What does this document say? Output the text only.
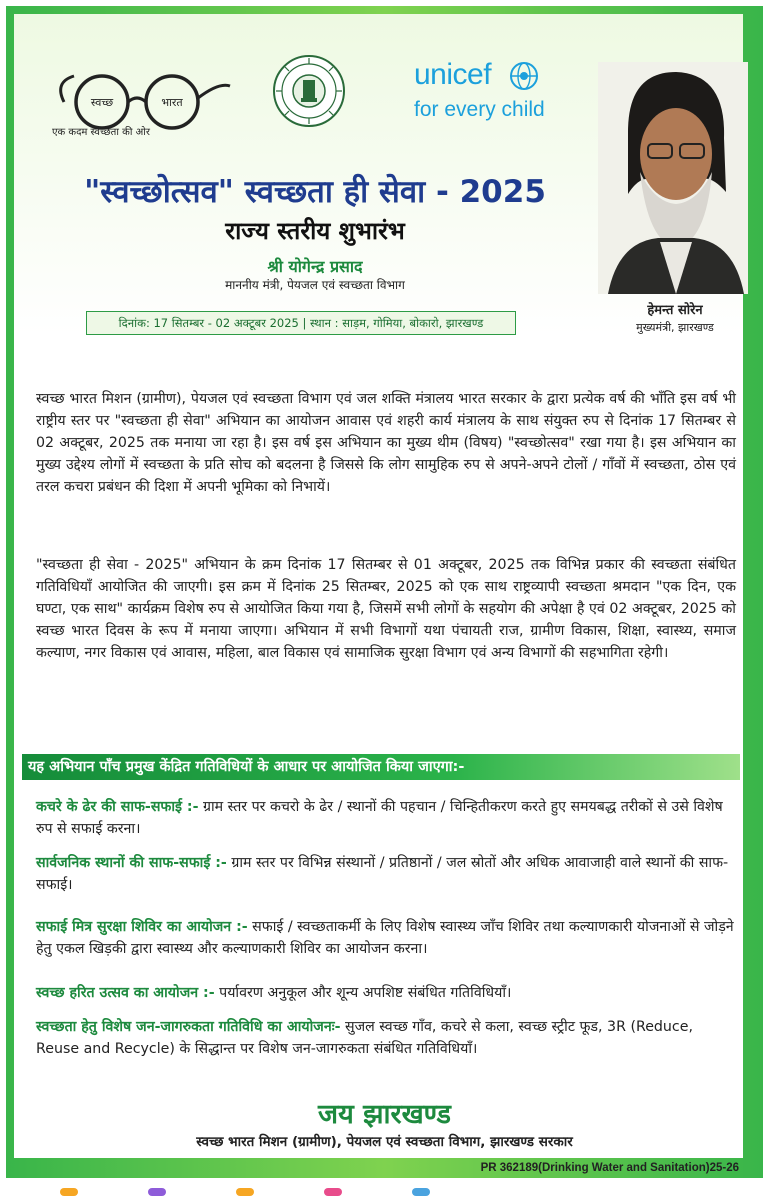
स्वच्छ	भारत
एक कदम स्वच्छता की ओर
unicef
for every child
हेमन्त सोरेन
मुख्यमंत्री, झारखण्ड
"स्वच्छोत्सव" स्वच्छता ही सेवा - 2025
राज्य स्तरीय शुभारंभ
श्री योगेन्द्र प्रसाद
माननीय मंत्री, पेयजल एवं स्वच्छता विभाग
दिनांक: 17 सितम्बर - 02 अक्टूबर 2025 | स्थान : साड़म, गोमिया, बोकारो, झारखण्ड
स्वच्छ भारत मिशन (ग्रामीण), पेयजल एवं स्वच्छता विभाग एवं जल शक्ति मंत्रालय भारत सरकार के द्वारा प्रत्येक वर्ष की भाँति इस वर्ष भी राष्ट्रीय स्तर पर "स्वच्छता ही सेवा" अभियान का आयोजन आवास एवं शहरी कार्य मंत्रालय के साथ संयुक्त रुप से दिनांक 17 सितम्बर से 02 अक्टूबर, 2025 तक मनाया जा रहा है। इस वर्ष इस अभियान का मुख्य थीम (विषय) "स्वच्छोत्सव" रखा गया है। इस अभियान का मुख्य उद्देश्य लोगों में स्वच्छता के प्रति सोच को बदलना है जिससे कि लोग सामुहिक रुप से अपने-अपने टोलों / गाँवों में स्वच्छता, ठोस एवं तरल कचरा प्रबंधन की दिशा में अपनी भूमिका को निभायें।
"स्वच्छता ही सेवा - 2025" अभियान के क्रम दिनांक 17 सितम्बर से 01 अक्टूबर, 2025 तक विभिन्न प्रकार की स्वच्छता संबंधित गतिविधियाँ आयोजित की जाएगी। इस क्रम में दिनांक 25 सितम्बर, 2025 को एक साथ राष्ट्रव्यापी स्वच्छता श्रमदान "एक दिन, एक घण्टा, एक साथ" कार्यक्रम विशेष रुप से आयोजित किया गया है, जिसमें सभी लोगों के सहयोग की अपेक्षा है एवं 02 अक्टूबर, 2025 को स्वच्छ भारत दिवस के रूप में मनाया जाएगा। अभियान में सभी विभागों यथा पंचायती राज, ग्रामीण विकास, शिक्षा, स्वास्थ्य, समाज कल्याण, नगर विकास एवं आवास, महिला, बाल विकास एवं सामाजिक सुरक्षा विभाग एवं अन्य विभागों की सहभागिता रहेगी।
यह अभियान पाँच प्रमुख केंद्रित गतिविधियों के आधार पर आयोजित किया जाएगा:-
कचरे के ढेर की साफ-सफाई :- ग्राम स्तर पर कचरो के ढेर / स्थानों की पहचान / चिन्हितीकरण करते हुए समयबद्ध तरीकों से उसे विशेष रुप से सफाई करना।
सार्वजनिक स्थानों की साफ-सफाई :- ग्राम स्तर पर विभिन्न संस्थानों / प्रतिष्ठानों / जल स्रोतों और अधिक आवाजाही वाले स्थानों की साफ-सफाई।
सफाई मित्र सुरक्षा शिविर का आयोजन :- सफाई / स्वच्छताकर्मी के लिए विशेष स्वास्थ्य जाँच शिविर तथा कल्याणकारी योजनाओं से जोड़ने हेतु एकल खिड़की द्वारा स्वास्थ्य और कल्याणकारी शिविर का आयोजन करना।
स्वच्छ हरित उत्सव का आयोजन :- पर्यावरण अनुकूल और शून्य अपशिष्ट संबंधित गतिविधियाँ।
स्वच्छता हेतु विशेष जन-जागरुकता गतिविधि का आयोजनः- सुजल स्वच्छ गाँव, कचरे से कला, स्वच्छ स्ट्रीट फूड, 3R (Reduce, Reuse and Recycle) के सिद्धान्त पर विशेष जन-जागरुकता संबंधित गतिविधियाँ।
जय झारखण्ड
स्वच्छ भारत मिशन (ग्रामीण), पेयजल एवं स्वच्छता विभाग, झारखण्ड सरकार
PR 362189(Drinking Water and Sanitation)25-26
